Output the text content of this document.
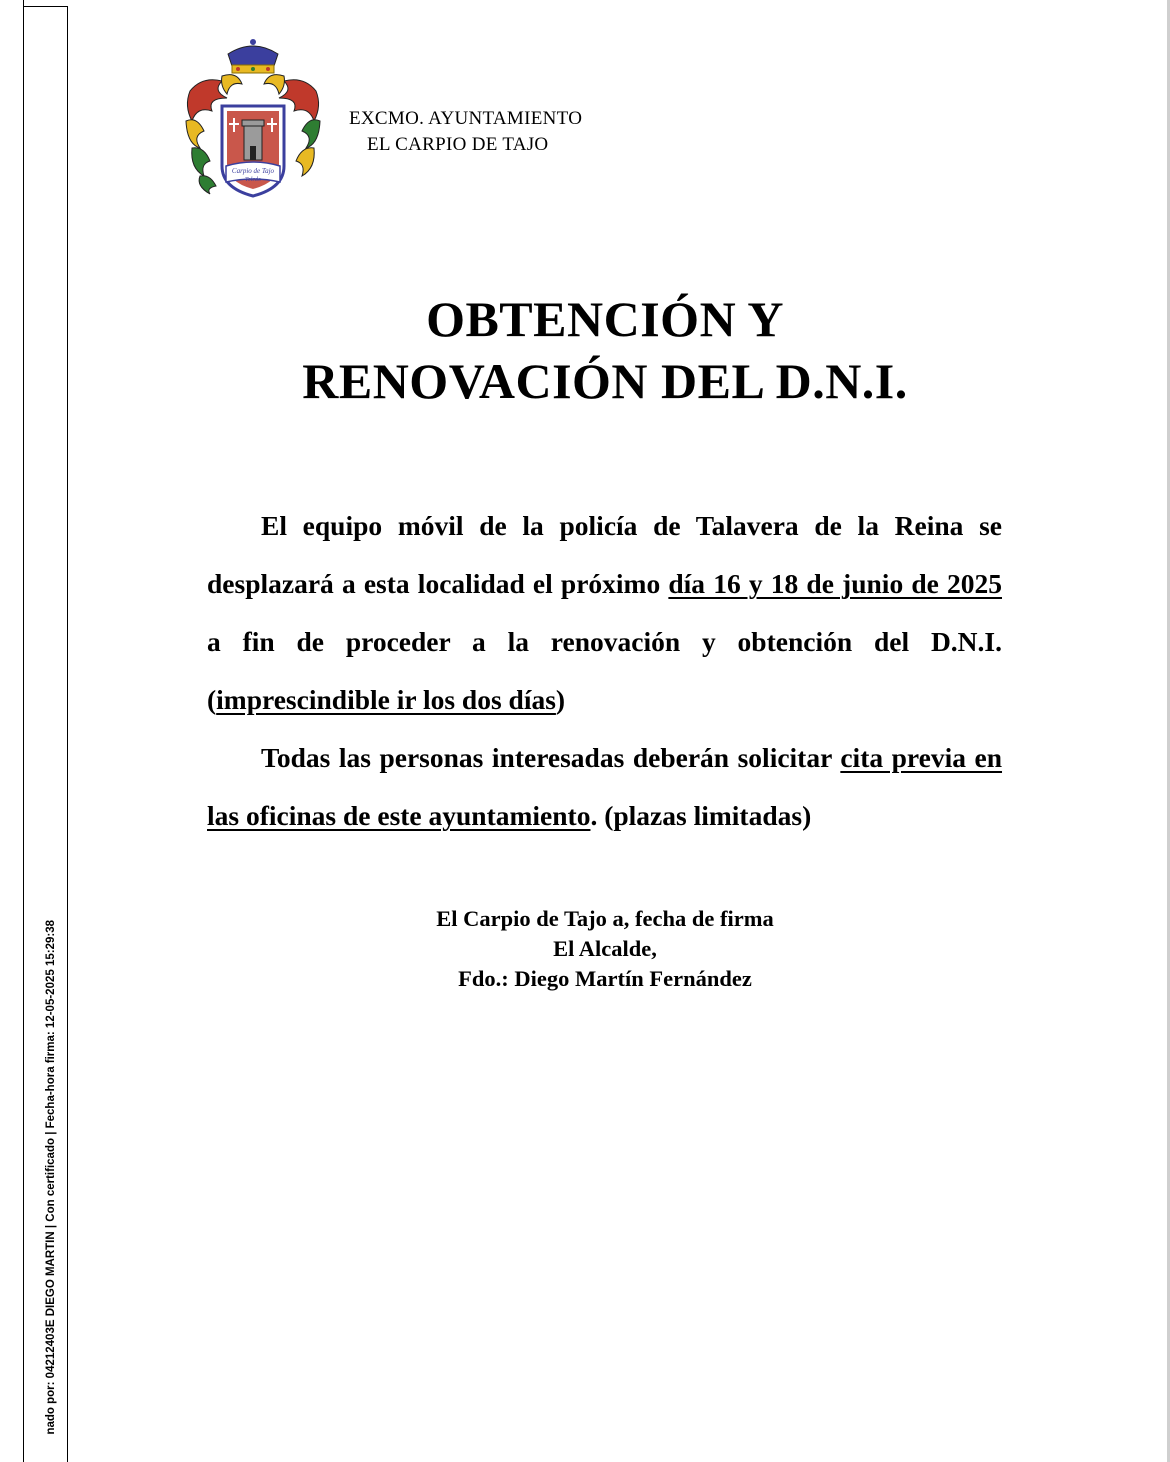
nado por: 04212403E DIEGO MARTIN | Con certificado | Fecha-hora firma: 12-05-2025 15:29:38
Carpio de Tajo
Toledo
EXCMO. AYUNTAMIENTO
EL CARPIO DE TAJO
OBTENCIÓN Y
RENOVACIÓN DEL D.N.I.

El equipo móvil de la policía de Talavera de la Reina se desplazará a esta localidad el próximo día 16 y 18 de junio de 2025 a fin de proceder a la renovación y obtención del D.N.I. (imprescindible ir los dos días)

Todas las personas interesadas deberán solicitar cita previa en las oficinas de este ayuntamiento. (plazas limitadas)

El Carpio de Tajo a, fecha de firma
El Alcalde,
Fdo.: Diego Martín Fernández
